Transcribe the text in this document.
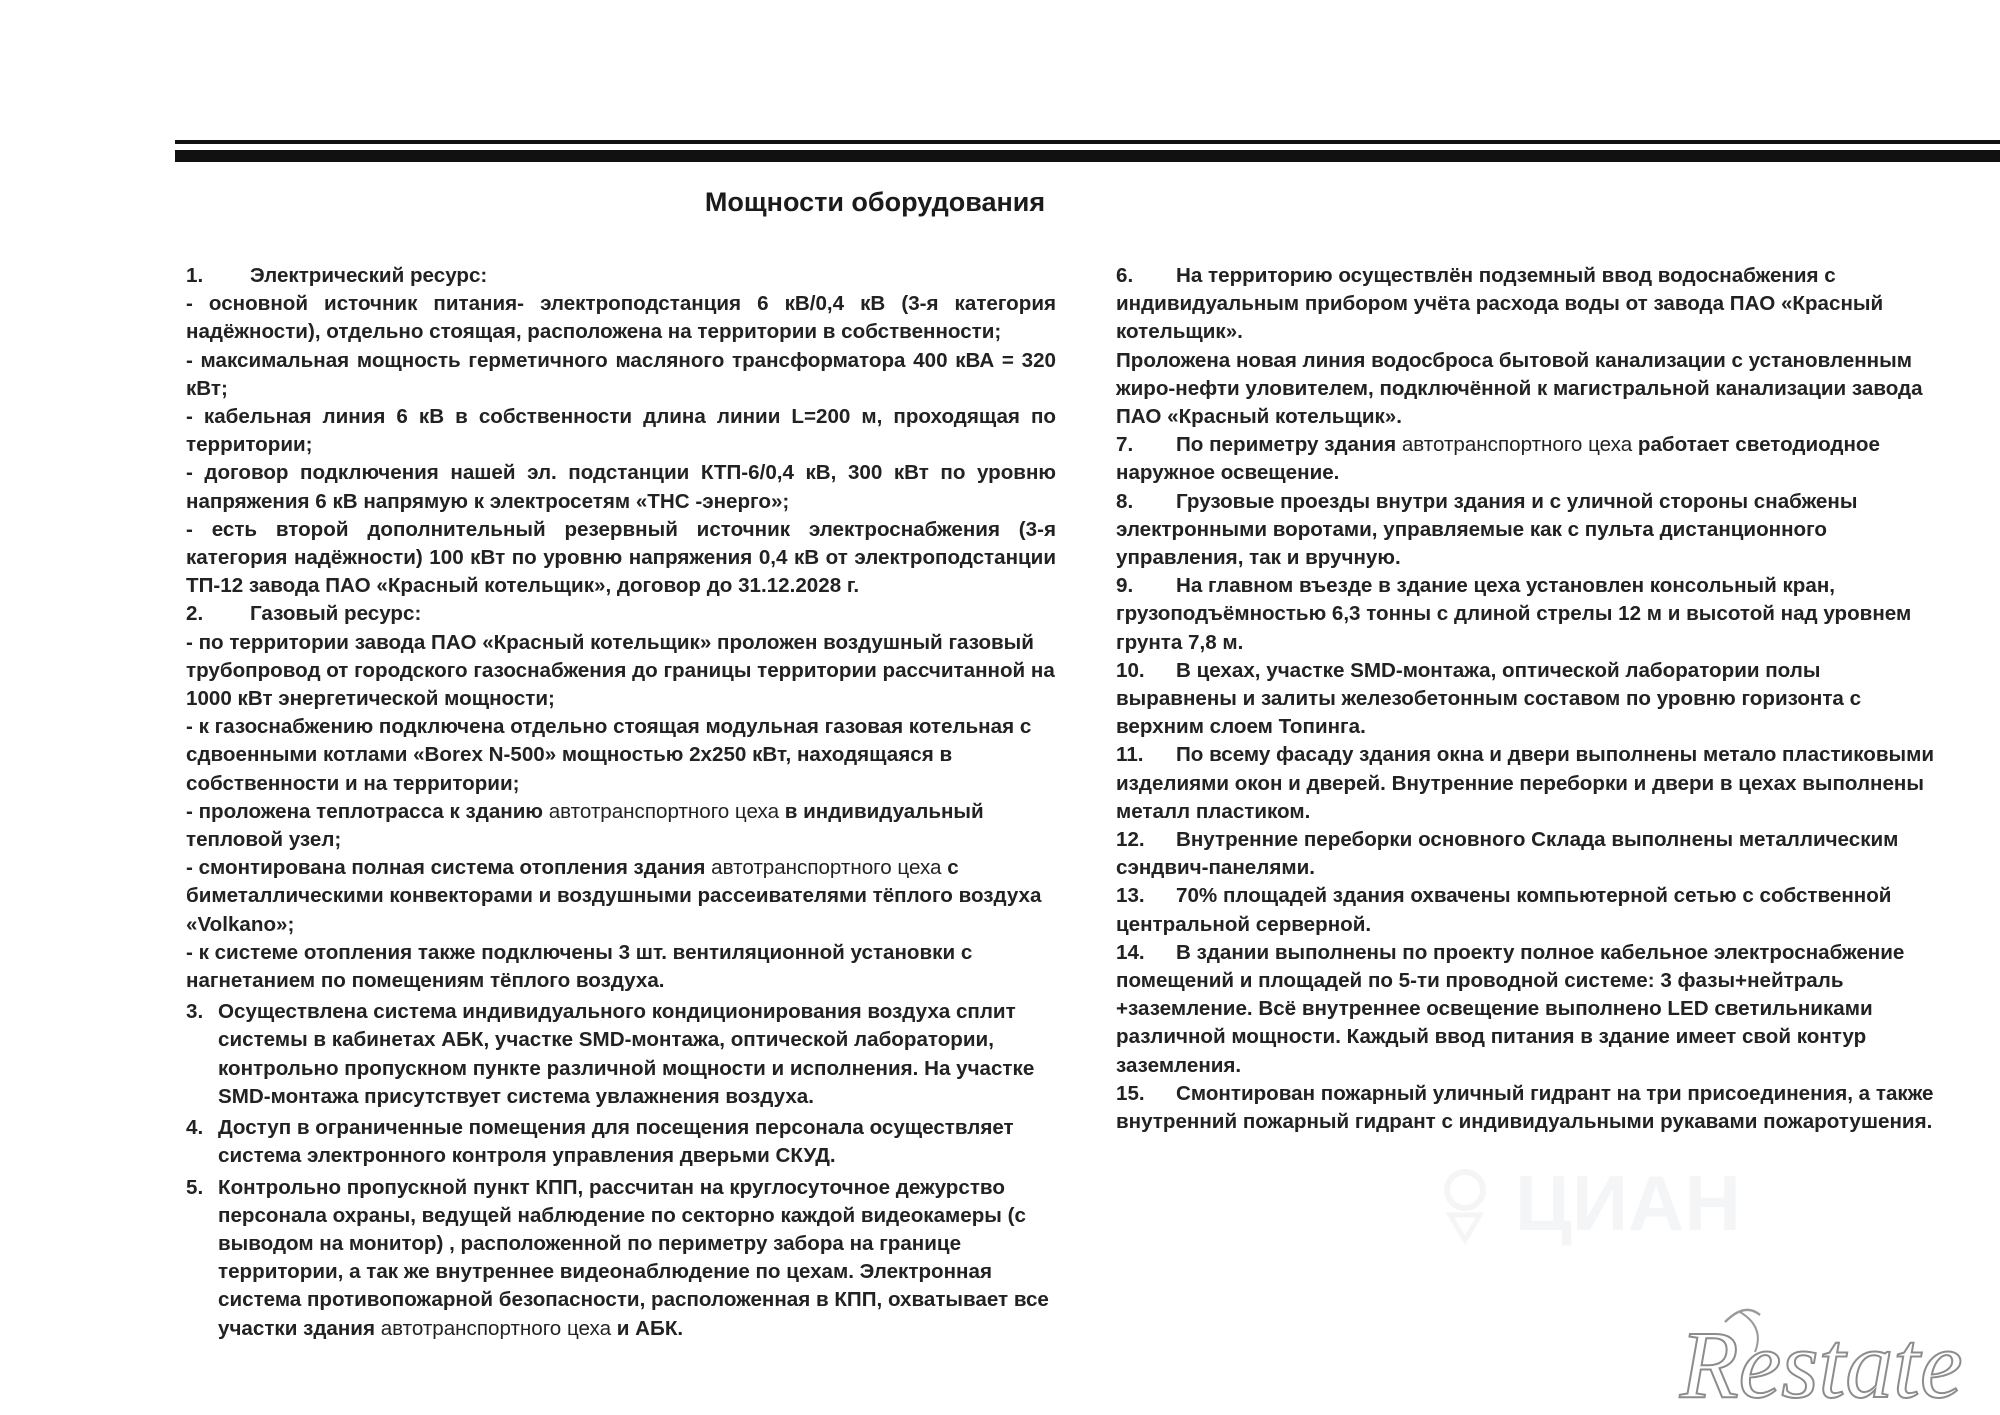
Мощности оборудования

1. Электрический ресурс:

- основной источник питания- электроподстанция 6 кВ/0,4 кВ (3-я категория надёжности), отдельно стоящая, расположена на территории в собственности;

- максимальная мощность герметичного масляного трансформатора 400 кВА = 320 кВт;

- кабельная линия 6 кВ в собственности длина линии L=200 м, проходящая по территории;

- договор подключения нашей эл. подстанции КТП-6/0,4 кВ, 300 кВт по уровню напряжения 6 кВ напрямую к электросетям «ТНС -энерго»;

- есть второй дополнительный резервный источник электроснабжения (3-я категория надёжности) 100 кВт по уровню напряжения 0,4 кВ от электроподстанции ТП-12 завода ПАО «Красный котельщик», договор до 31.12.2028 г.

2. Газовый ресурс:

- по территории завода ПАО «Красный котельщик» проложен воздушный газовый трубопровод от городского газоснабжения до границы территории рассчитанной на 1000 кВт энергетической мощности;

- к газоснабжению подключена отдельно стоящая модульная газовая котельная с сдвоенными котлами «Borex N-500» мощностью 2х250 кВт, находящаяся в собственности и на территории;

- проложена теплотрасса к зданию автотранспортного цеха в индивидуальный тепловой узел;

- смонтирована полная система отопления здания автотранспортного цеха с биметаллическими конвекторами и воздушными рассеивателями тёплого воздуха «Volkano»;

- к системе отопления также подключены 3 шт. вентиляционной установки с нагнетанием по помещениям тёплого воздуха.

3. Осуществлена система индивидуального кондиционирования воздуха сплит системы в кабинетах АБК, участке SMD-монтажа, оптической лаборатории, контрольно пропускном пункте различной мощности и исполнения. На участке SMD-монтажа присутствует система увлажнения воздуха.
4. Доступ в ограниченные помещения для посещения персонала осуществляет система электронного контроля управления дверьми СКУД.
5. Контрольно пропускной пункт КПП, рассчитан на круглосуточное дежурство персонала охраны, ведущей наблюдение по секторно каждой видеокамеры (с выводом на монитор) , расположенной по периметру забора на границе территории, а так же внутреннее видеонаблюдение по цехам. Электронная система противопожарной безопасности, расположенная в КПП, охватывает все участки здания автотранспортного цеха и АБК.

6. На территорию осуществлён подземный ввод водоснабжения с индивидуальным прибором учёта расхода воды от завода ПАО «Красный котельщик».

Проложена новая линия водосброса бытовой канализации с установленным жиро-нефти уловителем, подключённой к магистральной канализации завода ПАО «Красный котельщик».

7. По периметру здания автотранспортного цеха работает светодиодное наружное освещение.

8. Грузовые проезды внутри здания и с уличной стороны снабжены электронными воротами, управляемые как с пульта дистанционного управления, так и вручную.

9. На главном въезде в здание цеха установлен консольный кран, грузоподъёмностью 6,3 тонны с длиной стрелы 12 м и высотой над уровнем грунта 7,8 м.

10. В цехах, участке SMD-монтажа, оптической лаборатории полы выравнены и залиты железобетонным составом по уровню горизонта с верхним слоем Топинга.

11. По всему фасаду здания окна и двери выполнены метало пластиковыми изделиями окон и дверей. Внутренние переборки и двери в цехах выполнены металл пластиком.

12. Внутренние переборки основного Склада выполнены металлическим сэндвич-панелями.

13. 70% площадей здания охвачены компьютерной сетью с собственной центральной серверной.

14. В здании выполнены по проекту полное кабельное электроснабжение помещений и площадей по 5-ти проводной системе: 3 фазы+нейтраль +заземление. Всё внутреннее освещение выполнено LED светильниками различной мощности. Каждый ввод питания в здание имеет свой контур заземления.

15. Смонтирован пожарный уличный гидрант на три присоединения, а также внутренний пожарный гидрант с индивидуальными рукавами пожаротушения.

ЦИАН
Restate
